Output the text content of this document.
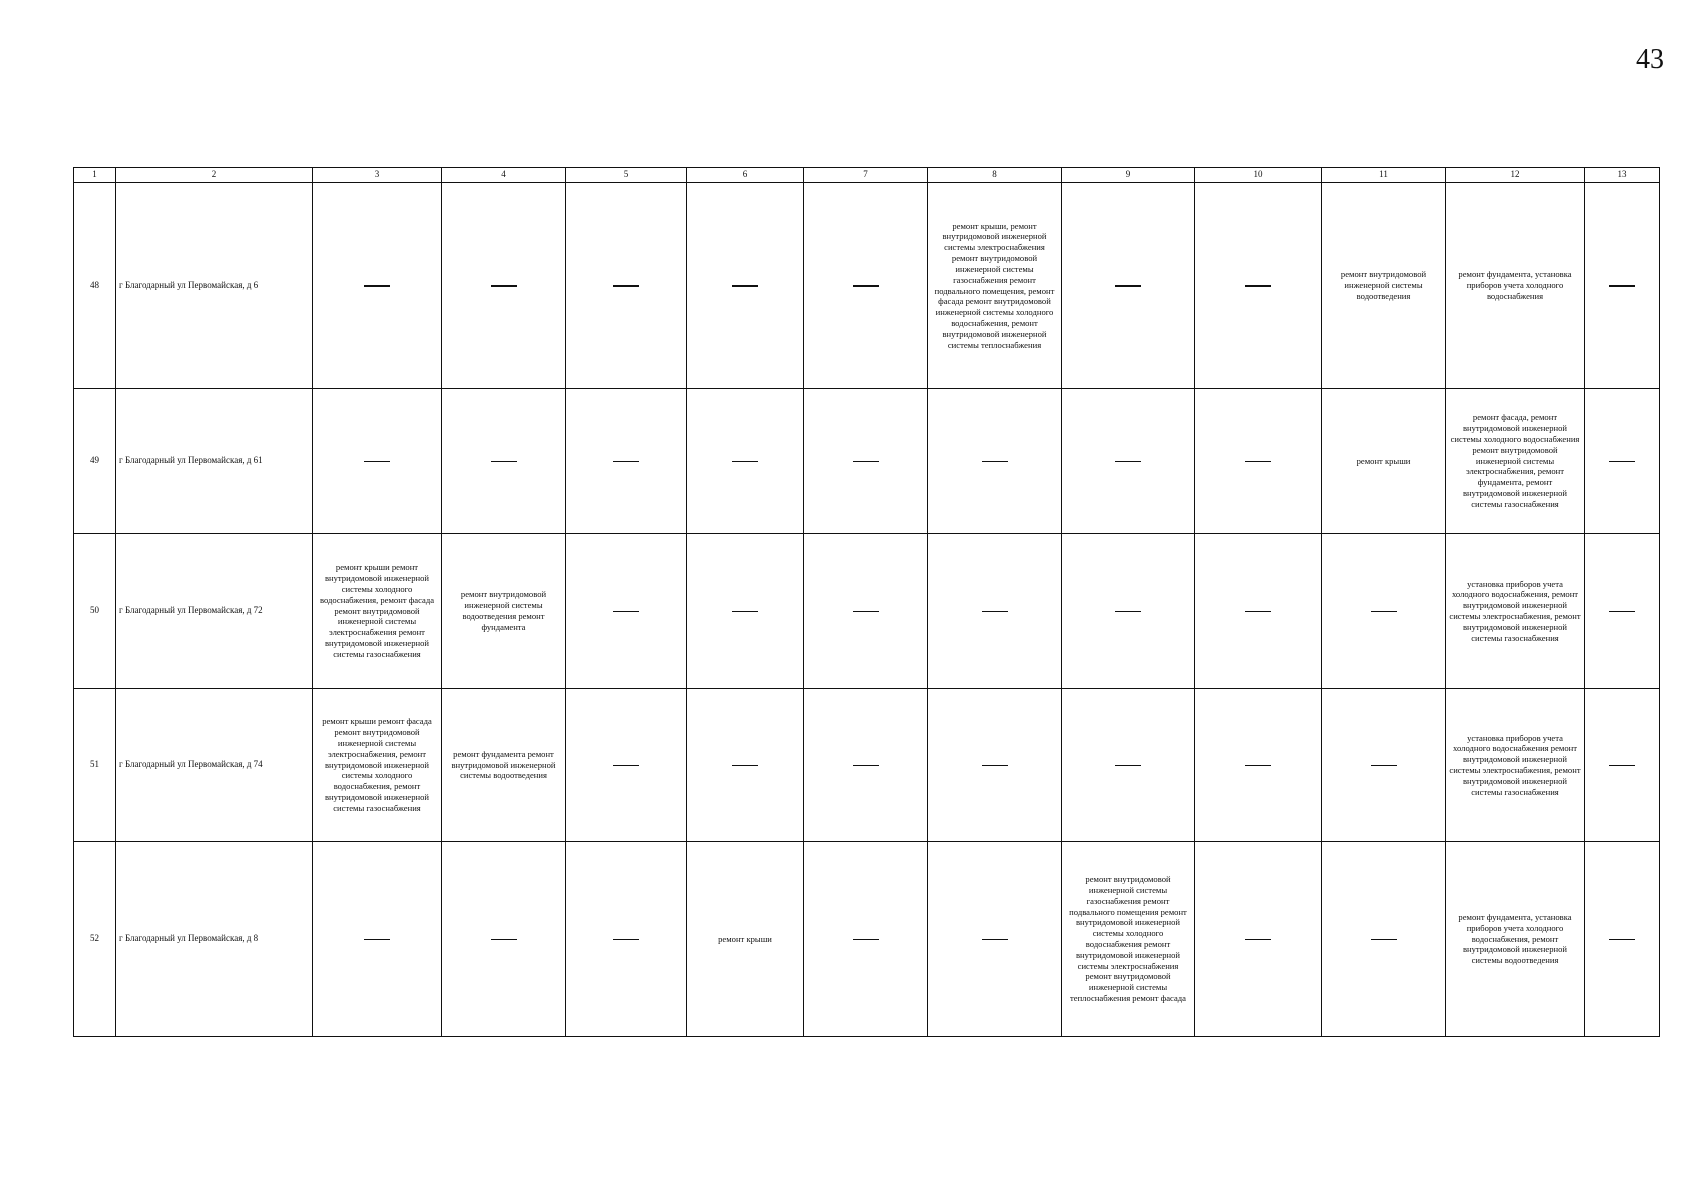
43
1	2	3	4	5	6	7	8	9	10	11	12	13
48	г Благодарный ул Первомайская, д 6						ремонт крыши, ремонт внутридомовой инженерной системы электроснабжения ремонт внутридомовой инженерной системы газоснабжения ремонт подвального помещения, ремонт фасада ремонт внутридомовой инженерной системы холодного водоснабжения, ремонт внутридомовой инженерной системы теплоснабжения			ремонт внутридомовой инженерной системы водоотведения	ремонт фундамента, установка приборов учета холодного водоснабжения

49	г Благодарный ул Первомайская, д 61									ремонт крыши	ремонт фасада, ремонт внутридомовой инженерной системы холодного водоснабжения ремонт внутридомовой инженерной системы электроснабжения, ремонт фундамента, ремонт внутридомовой инженерной системы газоснабжения

50	г Благодарный ул Первомайская, д 72	ремонт крыши ремонт внутридомовой инженерной системы холодного водоснабжения, ремонт фасада ремонт внутридомовой инженерной системы электроснабжения ремонт внутридомовой инженерной системы газоснабжения	ремонт внутридомовой инженерной системы водоотведения ремонт фундамента								установка приборов учета холодного водоснабжения, ремонт внутридомовой инженерной системы электроснабжения, ремонт внутридомовой инженерной системы газоснабжения

51	г Благодарный ул Первомайская, д 74	ремонт крыши ремонт фасада ремонт внутридомовой инженерной системы электроснабжения, ремонт внутридомовой инженерной системы холодного водоснабжения, ремонт внутридомовой инженерной системы газоснабжения	ремонт фундамента ремонт внутридомовой инженерной системы водоотведения								установка приборов учета холодного водоснабжения ремонт внутридомовой инженерной системы электроснабжения, ремонт внутридомовой инженерной системы газоснабжения

52	г Благодарный ул Первомайская, д 8				ремонт крыши			ремонт внутридомовой инженерной системы газоснабжения ремонт подвального помещения ремонт внутридомовой инженерной системы холодного водоснабжения ремонт внутридомовой инженерной системы электроснабжения ремонт внутридомовой инженерной системы теплоснабжения ремонт фасада			ремонт фундамента, установка приборов учета холодного водоснабжения, ремонт внутридомовой инженерной системы водоотведения
